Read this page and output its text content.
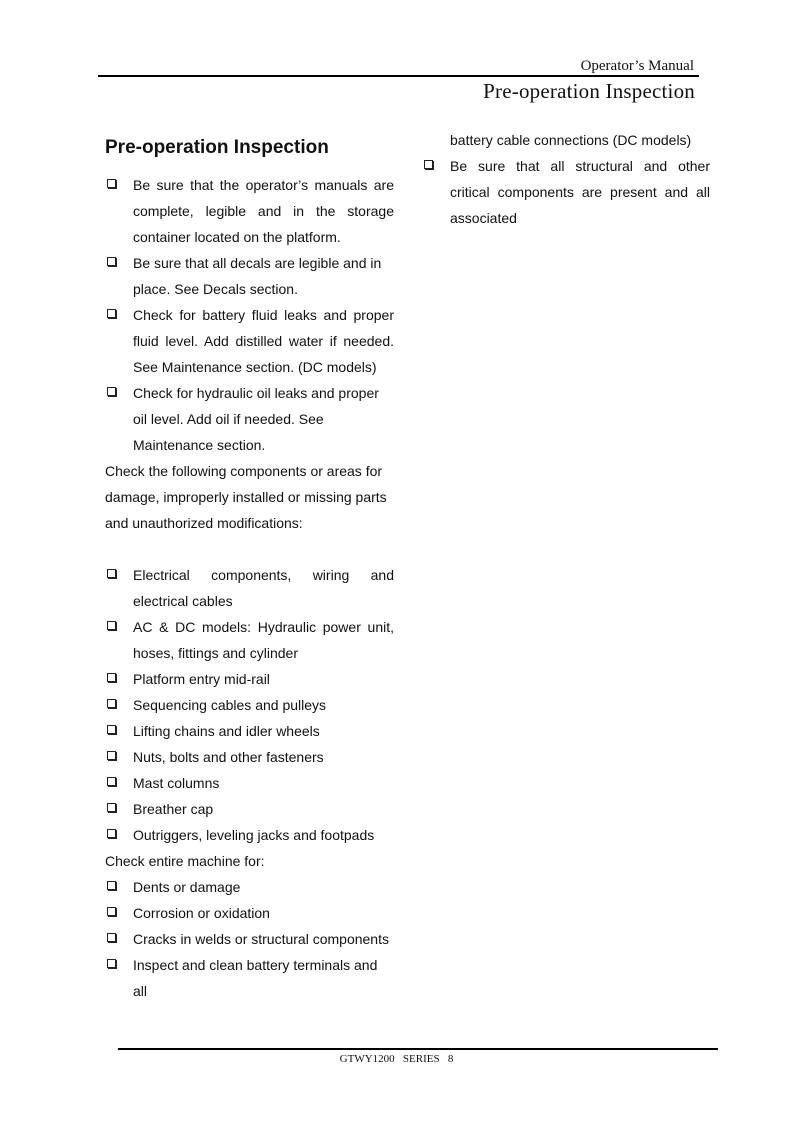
Operator’s Manual
Pre-operation Inspection
Pre-operation Inspection
Be sure that the operator’s manuals are complete, legible and in the storage container located on the platform.
Be sure that all decals are legible and in place. See Decals section.
Check for battery fluid leaks and proper fluid level. Add distilled water if needed. See Maintenance section. (DC models)
Check for hydraulic oil leaks and proper oil level. Add oil if needed. See Maintenance section.
Check the following components or areas for damage, improperly installed or missing parts and unauthorized modifications:
Electrical components, wiring and electrical cables
AC & DC models: Hydraulic power unit, hoses, fittings and cylinder
Platform entry mid-rail
Sequencing cables and pulleys
Lifting chains and idler wheels
Nuts, bolts and other fasteners
Mast columns
Breather cap
Outriggers, leveling jacks and footpads
Check entire machine for:
Dents or damage
Corrosion or oxidation
Cracks in welds or structural components
Inspect and clean battery terminals and all
battery cable connections (DC models)
Be sure that all structural and other critical components are present and all associated
GTWY1200   SERIES   8
